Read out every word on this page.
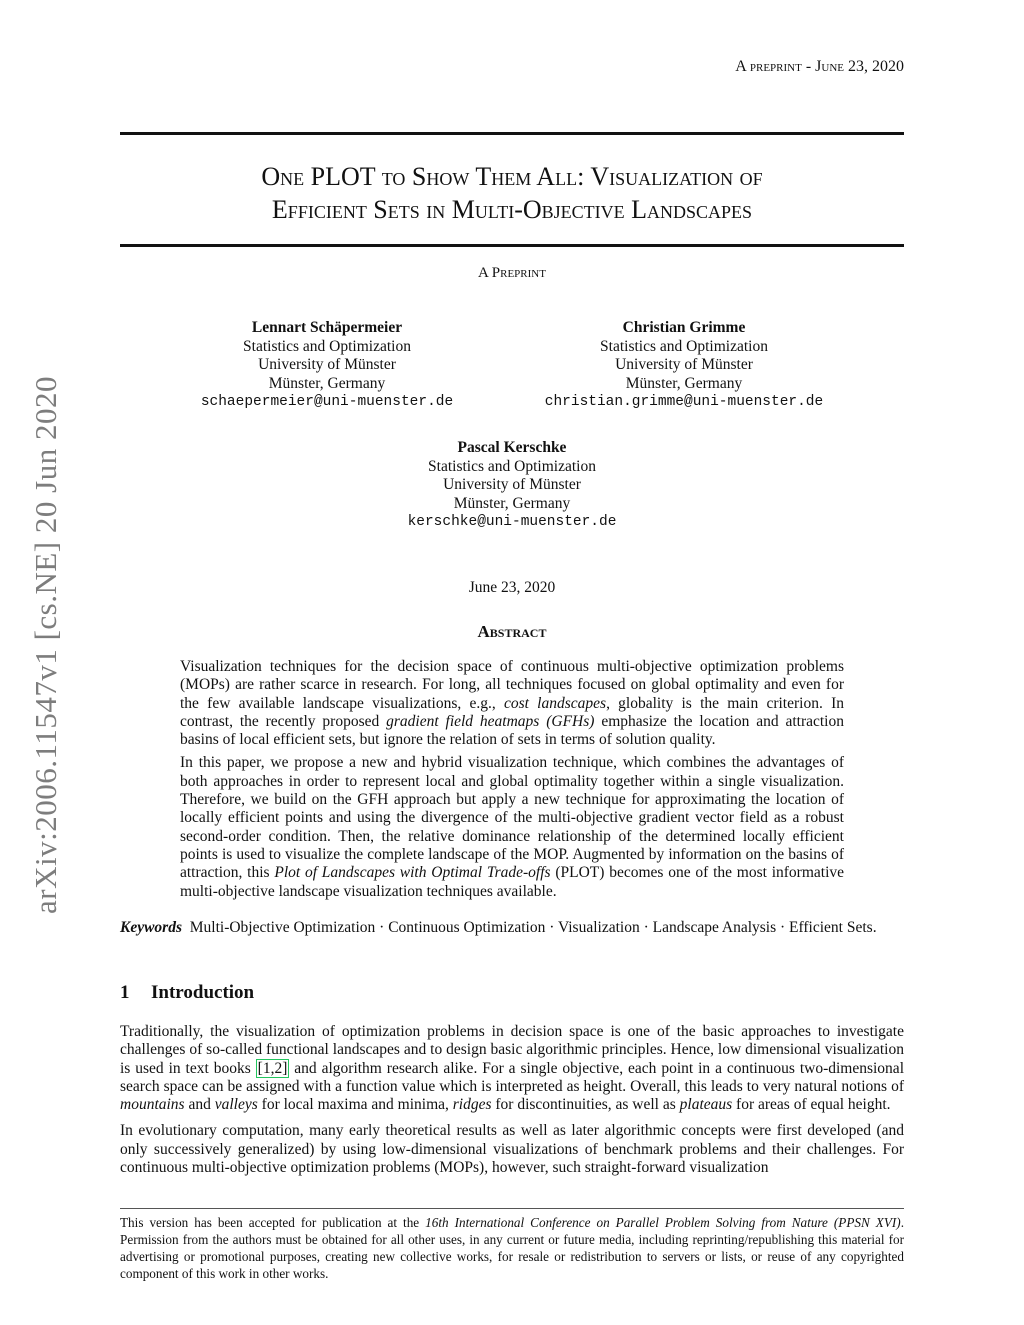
arXiv:2006.11547v1 [cs.NE] 20 Jun 2020
A preprint - June 23, 2020
One PLOT to Show Them All: Visualization of
Efficient Sets in Multi-Objective Landscapes
A Preprint
Lennart Schäpermeier
Statistics and Optimization
University of Münster
Münster, Germany
schaepermeier@uni-muenster.de
Christian Grimme
Statistics and Optimization
University of Münster
Münster, Germany
christian.grimme@uni-muenster.de
Pascal Kerschke
Statistics and Optimization
University of Münster
Münster, Germany
kerschke@uni-muenster.de
June 23, 2020
Abstract

Visualization techniques for the decision space of continuous multi-objective optimization problems (MOPs) are rather scarce in research. For long, all techniques focused on global optimality and even for the few available landscape visualizations, e.g., cost landscapes, globality is the main criterion. In contrast, the recently proposed gradient field heatmaps (GFHs) emphasize the location and attraction basins of local efficient sets, but ignore the relation of sets in terms of solution quality.

In this paper, we propose a new and hybrid visualization technique, which combines the advantages of both approaches in order to represent local and global optimality together within a single visualization. Therefore, we build on the GFH approach but apply a new technique for approximating the location of locally efficient points and using the divergence of the multi-objective gradient vector field as a robust second-order condition. Then, the relative dominance relationship of the determined locally efficient points is used to visualize the complete landscape of the MOP. Augmented by information on the basins of attraction, this Plot of Landscapes with Optimal Trade-offs (PLOT) becomes one of the most informative multi-objective landscape visualization techniques available.

Keywords Multi-Objective Optimization · Continuous Optimization · Visualization · Landscape Analysis · Efficient Sets.
1 Introduction

Traditionally, the visualization of optimization problems in decision space is one of the basic approaches to investigate challenges of so-called functional landscapes and to design basic algorithmic principles. Hence, low dimensional visualization is used in text books [1,2] and algorithm research alike. For a single objective, each point in a continuous two-dimensional search space can be assigned with a function value which is interpreted as height. Overall, this leads to very natural notions of mountains and valleys for local maxima and minima, ridges for discontinuities, as well as plateaus for areas of equal height.

In evolutionary computation, many early theoretical results as well as later algorithmic concepts were first developed (and only successively generalized) by using low-dimensional visualizations of benchmark problems and their challenges. For continuous multi-objective optimization problems (MOPs), however, such straight-forward visualization

This version has been accepted for publication at the 16th International Conference on Parallel Problem Solving from Nature (PPSN XVI). Permission from the authors must be obtained for all other uses, in any current or future media, including reprinting/republishing this material for advertising or promotional purposes, creating new collective works, for resale or redistribution to servers or lists, or reuse of any copyrighted component of this work in other works.
